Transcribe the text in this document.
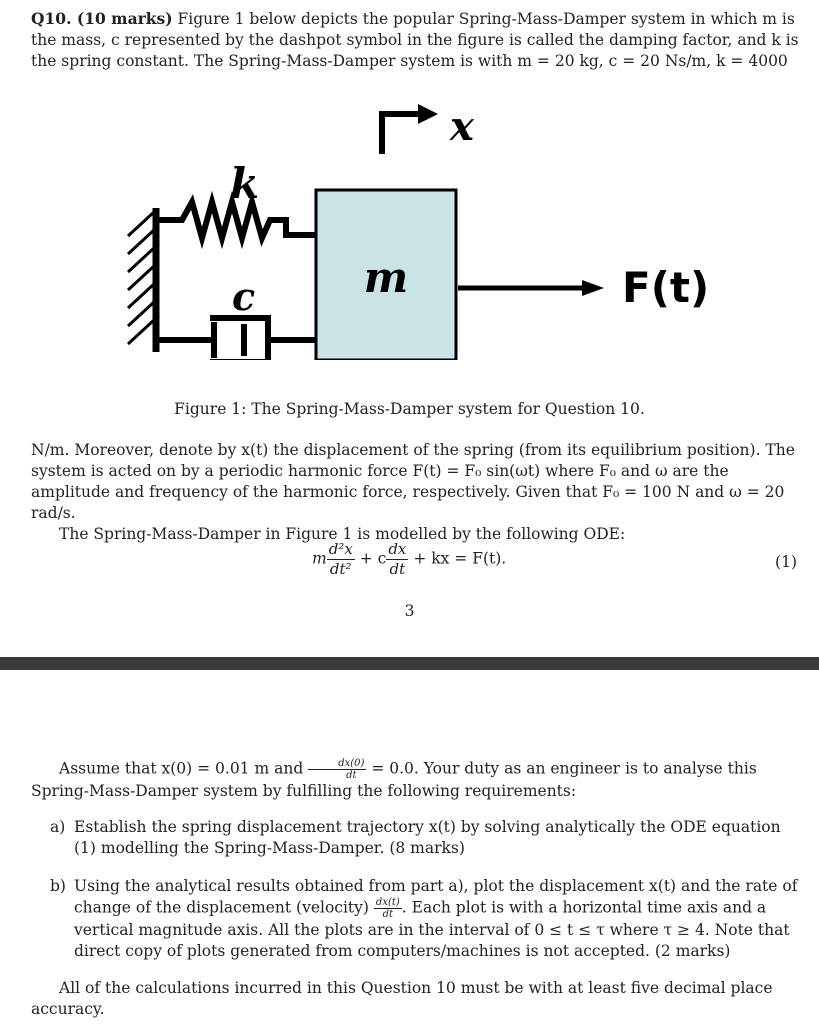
Q10. (10 marks) Figure 1 below depicts the popular Spring-Mass-Damper system in which m is the mass, c represented by the dashpot symbol in the figure is called the damping factor, and k is the spring constant. The Spring-Mass-Damper system is with m = 20 kg, c = 20 Ns/m, k = 4000
x
k
c	m	F(t)
Figure 1: The Spring-Mass-Damper system for Question 10.
N/m. Moreover, denote by x(t) the displacement of the spring (from its equilibrium position). The system is acted on by a periodic harmonic force F(t) = F₀ sin(ωt) where F₀ and ω are the amplitude and frequency of the harmonic force, respectively. Given that F₀ = 100 N and ω = 20 rad/s.
The Spring-Mass-Damper in Figure 1 is modelled by the following ODE:
m $\frac{\text{d²x}}{\text{dt²}} + c \frac{dx}{dt}$ + kx = F(t).	(1)
3
Assume that x(0) = 0.01 m and $\frac{dx(0)}{dt} = 0.0$. Your duty as an engineer is to analyse this Spring-Mass-Damper system by fulfilling the following requirements:
a) Establish the spring displacement trajectory x(t) by solving analytically the ODE equation (1) modelling the Spring-Mass-Damper. (8 marks)
b) Using the analytical results obtained from part a), plot the displacement x(t) and the rate of change of the displacement (velocity) $\frac{dx(t)}{dt}$ . Each plot is with a horizontal time axis and a vertical magnitude axis. All the plots are in the interval of 0 ≤ t ≤ τ where τ ≥ 4. Note that direct copy of plots generated from computers/machines is not accepted. (2 marks)
All of the calculations incurred in this Question 10 must be with at least five decimal place accuracy.
